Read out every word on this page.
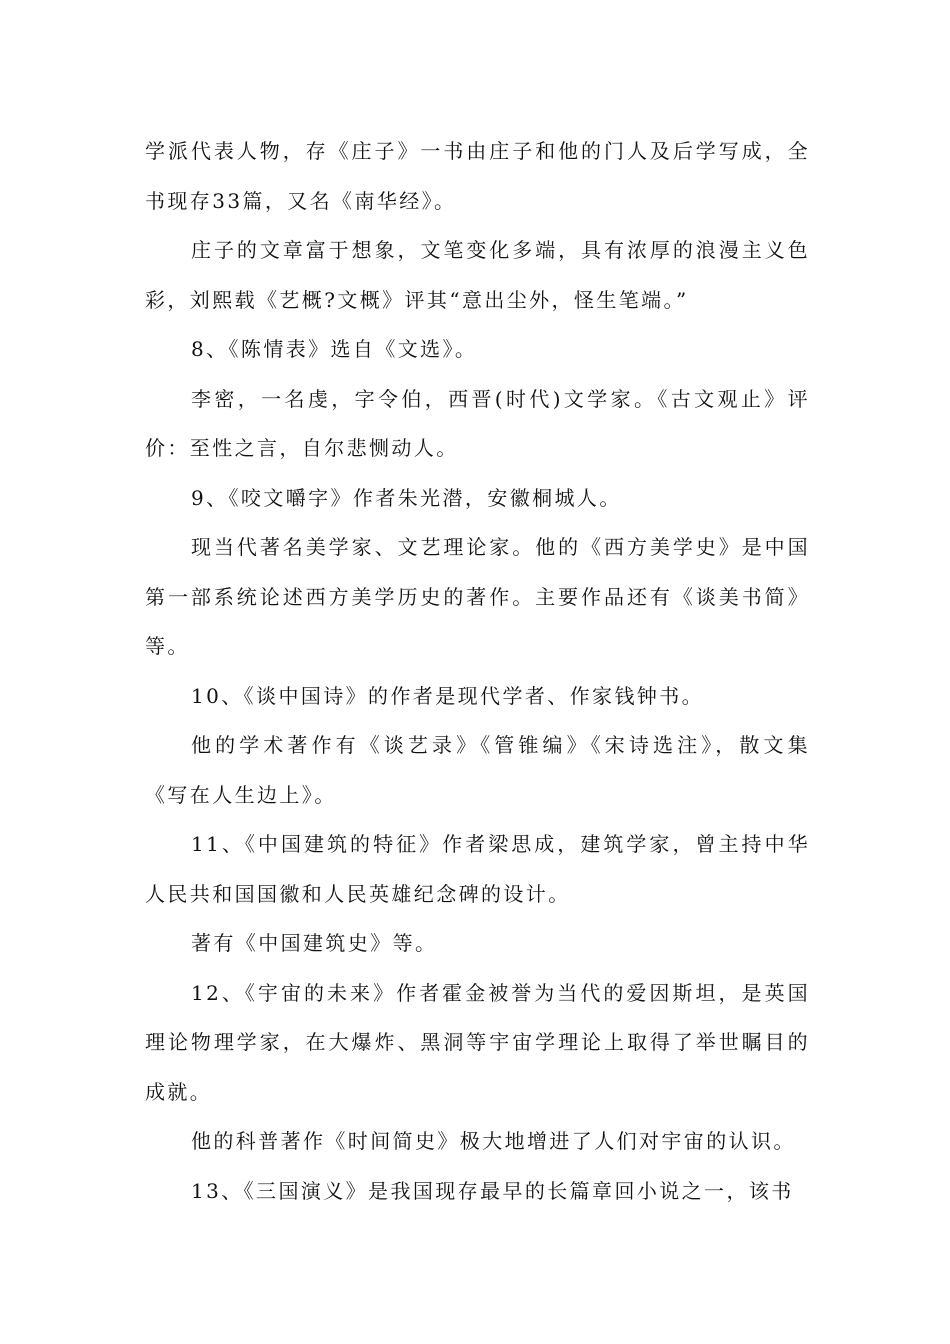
学派代表人物，存《庄子》一书由庄子和他的门人及后学写成，全书现存33篇，又名《南华经》。

庄子的文章富于想象，文笔变化多端，具有浓厚的浪漫主义色彩，刘熙载《艺概?文概》评其“意出尘外，怪生笔端。”

8、《陈情表》选自《文选》。

李密，一名虔，字令伯，西晋(时代)文学家。《古文观止》评价：至性之言，自尔悲恻动人。

9、《咬文嚼字》作者朱光潜，安徽桐城人。

现当代著名美学家、文艺理论家。他的《西方美学史》是中国第一部系统论述西方美学历史的著作。主要作品还有《谈美书简》等。

10、《谈中国诗》的作者是现代学者、作家钱钟书。

他的学术著作有《谈艺录》《管锥编》《宋诗选注》，散文集《写在人生边上》。

11、《中国建筑的特征》作者梁思成，建筑学家，曾主持中华人民共和国国徽和人民英雄纪念碑的设计。

著有《中国建筑史》等。

12、《宇宙的未来》作者霍金被誉为当代的爱因斯坦，是英国理论物理学家，在大爆炸、黑洞等宇宙学理论上取得了举世瞩目的成就。

他的科普著作《时间简史》极大地增进了人们对宇宙的认识。

13、《三国演义》是我国现存最早的长篇章回小说之一，该书
